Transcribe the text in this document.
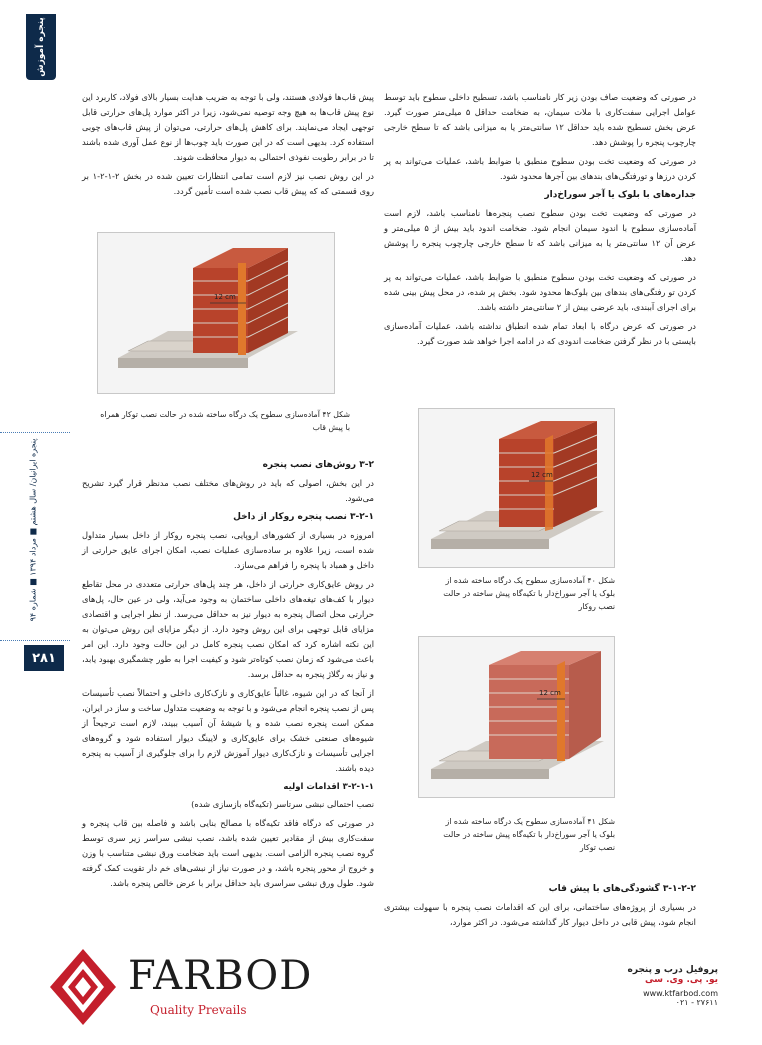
پنجره آموزش
پنجره ایرانیان/ سال هشتم ■ مرداد ۱۳۹۴ ■ شماره ۹۴
۲۸۱

در صورتی که وضعیت صاف بودن زیر کار نامناسب باشد، تسطیح داخلی سطوح باید توسط عوامل اجرایی سفت‌کاری با ملات سیمان، به ضخامت حداقل ۵ میلی‌متر صورت گیرد. عرض بخش تسطیح شده باید حداقل ۱۲ سانتی‌متر یا به میزانی باشد که تا سطح خارجی چارچوب پنجره را پوشش دهد.

در صورتی که وضعیت تخت بودن سطوح منطبق با ضوابط باشد، عملیات می‌تواند به پر کردن درزها و تورفتگی‌های بندهای بین آجرها محدود شود.

جداره‌های با بلوک یا آجر سوراخ‌دار

در صورتی که وضعیت تخت بودن سطوح نصب پنجره‌ها نامناسب باشد، لازم است آماده‌سازی سطوح با اندود سیمان انجام شود. ضخامت اندود باید بیش از ۵ میلی‌متر و عرض آن ۱۲ سانتی‌متر یا به میزانی باشد که تا سطح خارجی چارچوب پنجره را پوشش دهد.

در صورتی که وضعیت تخت بودن سطوح منطبق با ضوابط باشد، عملیات می‌تواند به پر کردن تو رفتگی‌های بندهای بین بلوک‌ها محدود شود. بخش پر شده، در محل پیش بینی شده برای اجرای آببندی، باید عرضی بیش از ۲ سانتی‌متر داشته باشد.

در صورتی که عرض درگاه با ابعاد تمام شده انطباق نداشته باشد، عملیات آماده‌سازی بایستی با در نظر گرفتن ضخامت اندودی که در ادامه اجرا خواهد شد صورت گیرد.

۳-۱-۲-۲ گشودگی‌های با پیش قاب

در بسیاری از پروژه‌های ساختمانی، برای این که اقدامات نصب پنجره با سهولت بیشتری انجام شود، پیش قابی در داخل دیوار کار گذاشته می‌شود. در اکثر موارد،

پیش قاب‌ها فولادی هستند، ولی با توجه به ضریب هدایت بسیار بالای فولاد، کاربرد این نوع پیش قاب‌ها به هیچ وجه توصیه نمی‌شود، زیرا در اکثر موارد پل‌های حرارتی قابل توجهی ایجاد می‌نمایند. برای کاهش پل‌های حرارتی، می‌توان از پیش قاب‌های چوبی استفاده کرد. بدیهی است که در این صورت باید چوب‌ها از نوع عمل آوری شده باشند تا در برابر رطوبت نفوذی احتمالی به دیوار محافظت شوند.

در این روش نصب نیز لازم است تمامی انتظارات تعیین شده در بخش ۲-۱-۲-۱ بر روی قسمتی که که پیش قاب نصب شده است تأمین گردد.

۳-۲ روش‌های نصب پنجره

در این بخش، اصولی که باید در روش‌های مختلف نصب مدنظر قرار گیرد تشریح می‌شود.

۳-۲-۱ نصب پنجره روکار از داخل

امروزه در بسیاری از کشورهای اروپایی، نصب پنجره روکار از داخل بسیار متداول شده است، زیرا علاوه بر ساده‌سازی عملیات نصب، امکان اجرای عایق حرارتی از داخل و همباد با پنجره را فراهم می‌سازد.

در روش عایق‌کاری حرارتی از داخل، هر چند پل‌های حرارتی متعددی در محل تقاطع دیوار با کف‌های تیغه‌های داخلی ساختمان به وجود می‌آید، ولی در عین حال، پل‌های حرارتی محل اتصال پنجره به دیوار نیز به حداقل می‌رسد. از نظر اجرایی و اقتصادی مزایای قابل توجهی برای این روش وجود دارد. از دیگر مزایای این روش می‌توان به این نکته اشاره کرد که امکان نصب پنجره کامل در این حالت وجود دارد. این امر باعث می‌شود که زمان نصب کوتاه‌تر شود و کیفیت اجرا به طور چشمگیری بهبود یابد، و نیاز به رگلاژ پنجره به حداقل برسد.

از آنجا که در این شیوه، غالباً عایق‌کاری و نازک‌کاری داخلی و احتمالاً نصب تأسیسات پس از نصب پنجره انجام می‌شود و با توجه به وضعیت متداول ساخت و ساز در ایران، ممکن است پنجره نصب شده و یا شیشهٔ آن آسیب ببیند، لازم است ترجیحاً از شیوه‌های صنعتی خشک برای عایق‌کاری و لایینگ دیوار استفاده شود و گروه‌های اجرایی تأسیسات و نازک‌کاری دیوار آموزش لازم را برای جلوگیری از آسیب به پنجره دیده باشند.

۳-۲-۱-۱ اقدامات اولیه

نصب احتمالی نبشی سرتاسر (تکیه‌گاه بازسازی شده)

در صورتی که درگاه فاقد تکیه‌گاه با مصالح بنایی باشد و فاصله بین قاب پنجره و سفت‌کاری بیش از مقادیر تعیین شده باشد، نصب نبشی سراسر زیر سری توسط گروه نصب پنجره الزامی است. بدیهی است باید ضخامت ورق نبشی متناسب با وزن و خروج از محور پنجره باشد، و در صورت نیاز از نبشی‌های خم دار تقویت کمک گرفته شود. طول ورق نبشی سراسری باید حداقل برابر با عرض خالص پنجره باشد.

12 cm
شکل ۴۲ آماده‌سازی سطوح یک درگاه ساخته شده در حالت نصب توکار همراه با پیش قاب
12 cm
شکل ۴۰ آماده‌سازی سطوح یک درگاه ساخته شده از بلوک یا آجر سوراخ‌دار با تکیه‌گاه پیش ساخته در حالت نصب روکار
12 cm
شکل ۴۱ آماده‌سازی سطوح یک درگاه ساخته شده از بلوک یا آجر سوراخ‌دار با تکیه‌گاه پیش ساخته در حالت نصب توکار
FARBOD
Quality Prevails
پروفیل درب و پنجره
یو. پی. وی. سی
www.ktfarbod.com
۰۲۱ - ۲۷۶۱۱
